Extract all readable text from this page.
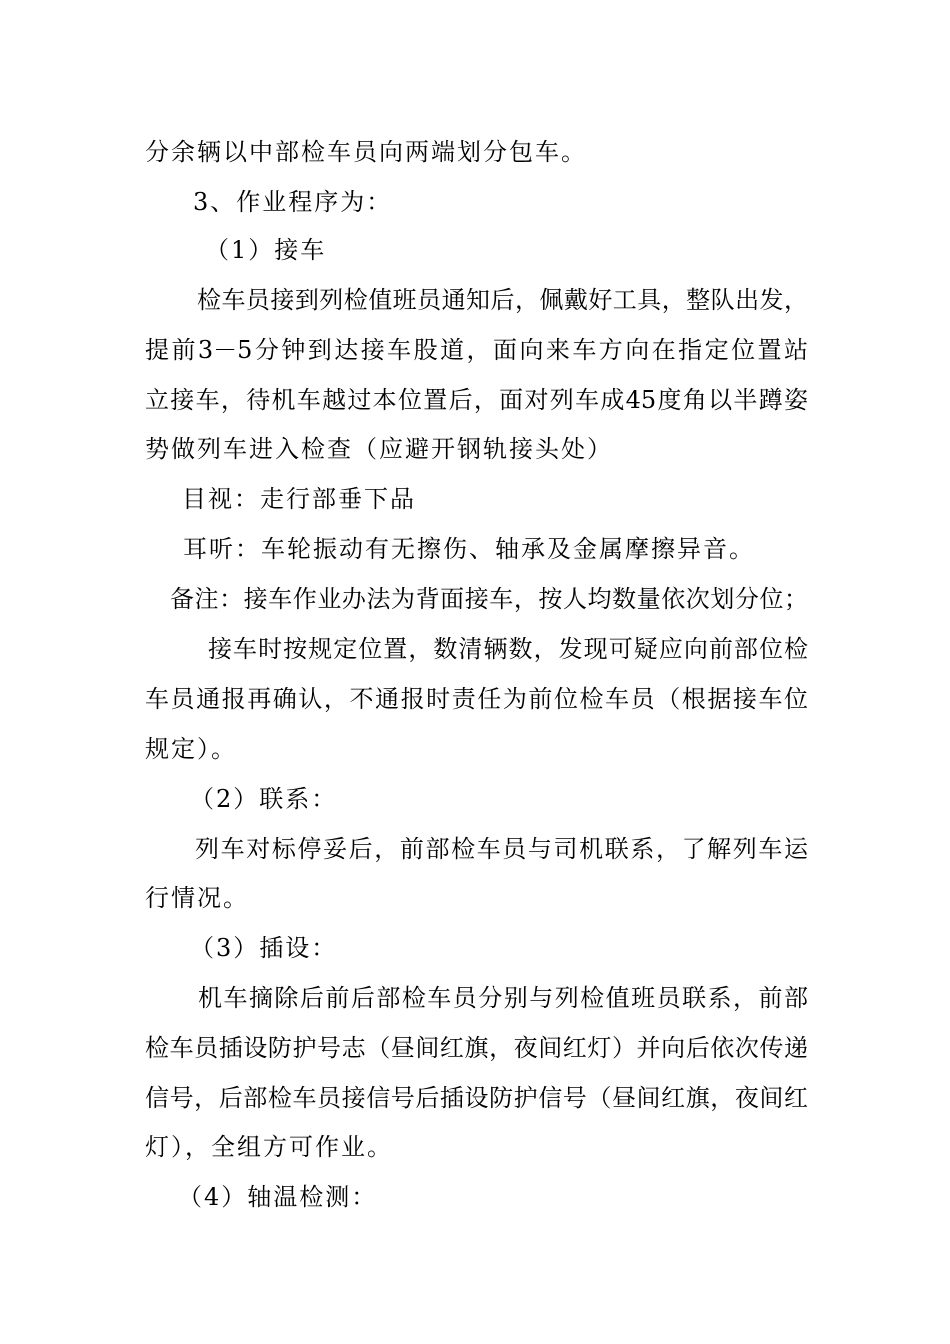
分余辆以中部检车员向两端划分包车。
3、作业程序为：
（1）接车
检车员接到列检值班员通知后，佩戴好工具，整队出发，
提前3－5分钟到达接车股道，面向来车方向在指定位置站
立接车，待机车越过本位置后，面对列车成45度角以半蹲姿
势做列车进入检查（应避开钢轨接头处）
目视：走行部垂下品
耳听：车轮振动有无擦伤、轴承及金属摩擦异音。
备注：接车作业办法为背面接车，按人均数量依次划分位；
接车时按规定位置，数清辆数，发现可疑应向前部位检
车员通报再确认，不通报时责任为前位检车员（根据接车位
规定）。
（2）联系：
列车对标停妥后，前部检车员与司机联系，了解列车运
行情况。
（3）插设：
机车摘除后前后部检车员分别与列检值班员联系，前部
检车员插设防护号志（昼间红旗，夜间红灯）并向后依次传递
信号，后部检车员接信号后插设防护信号（昼间红旗，夜间红
灯），全组方可作业。
（4）轴温检测：
